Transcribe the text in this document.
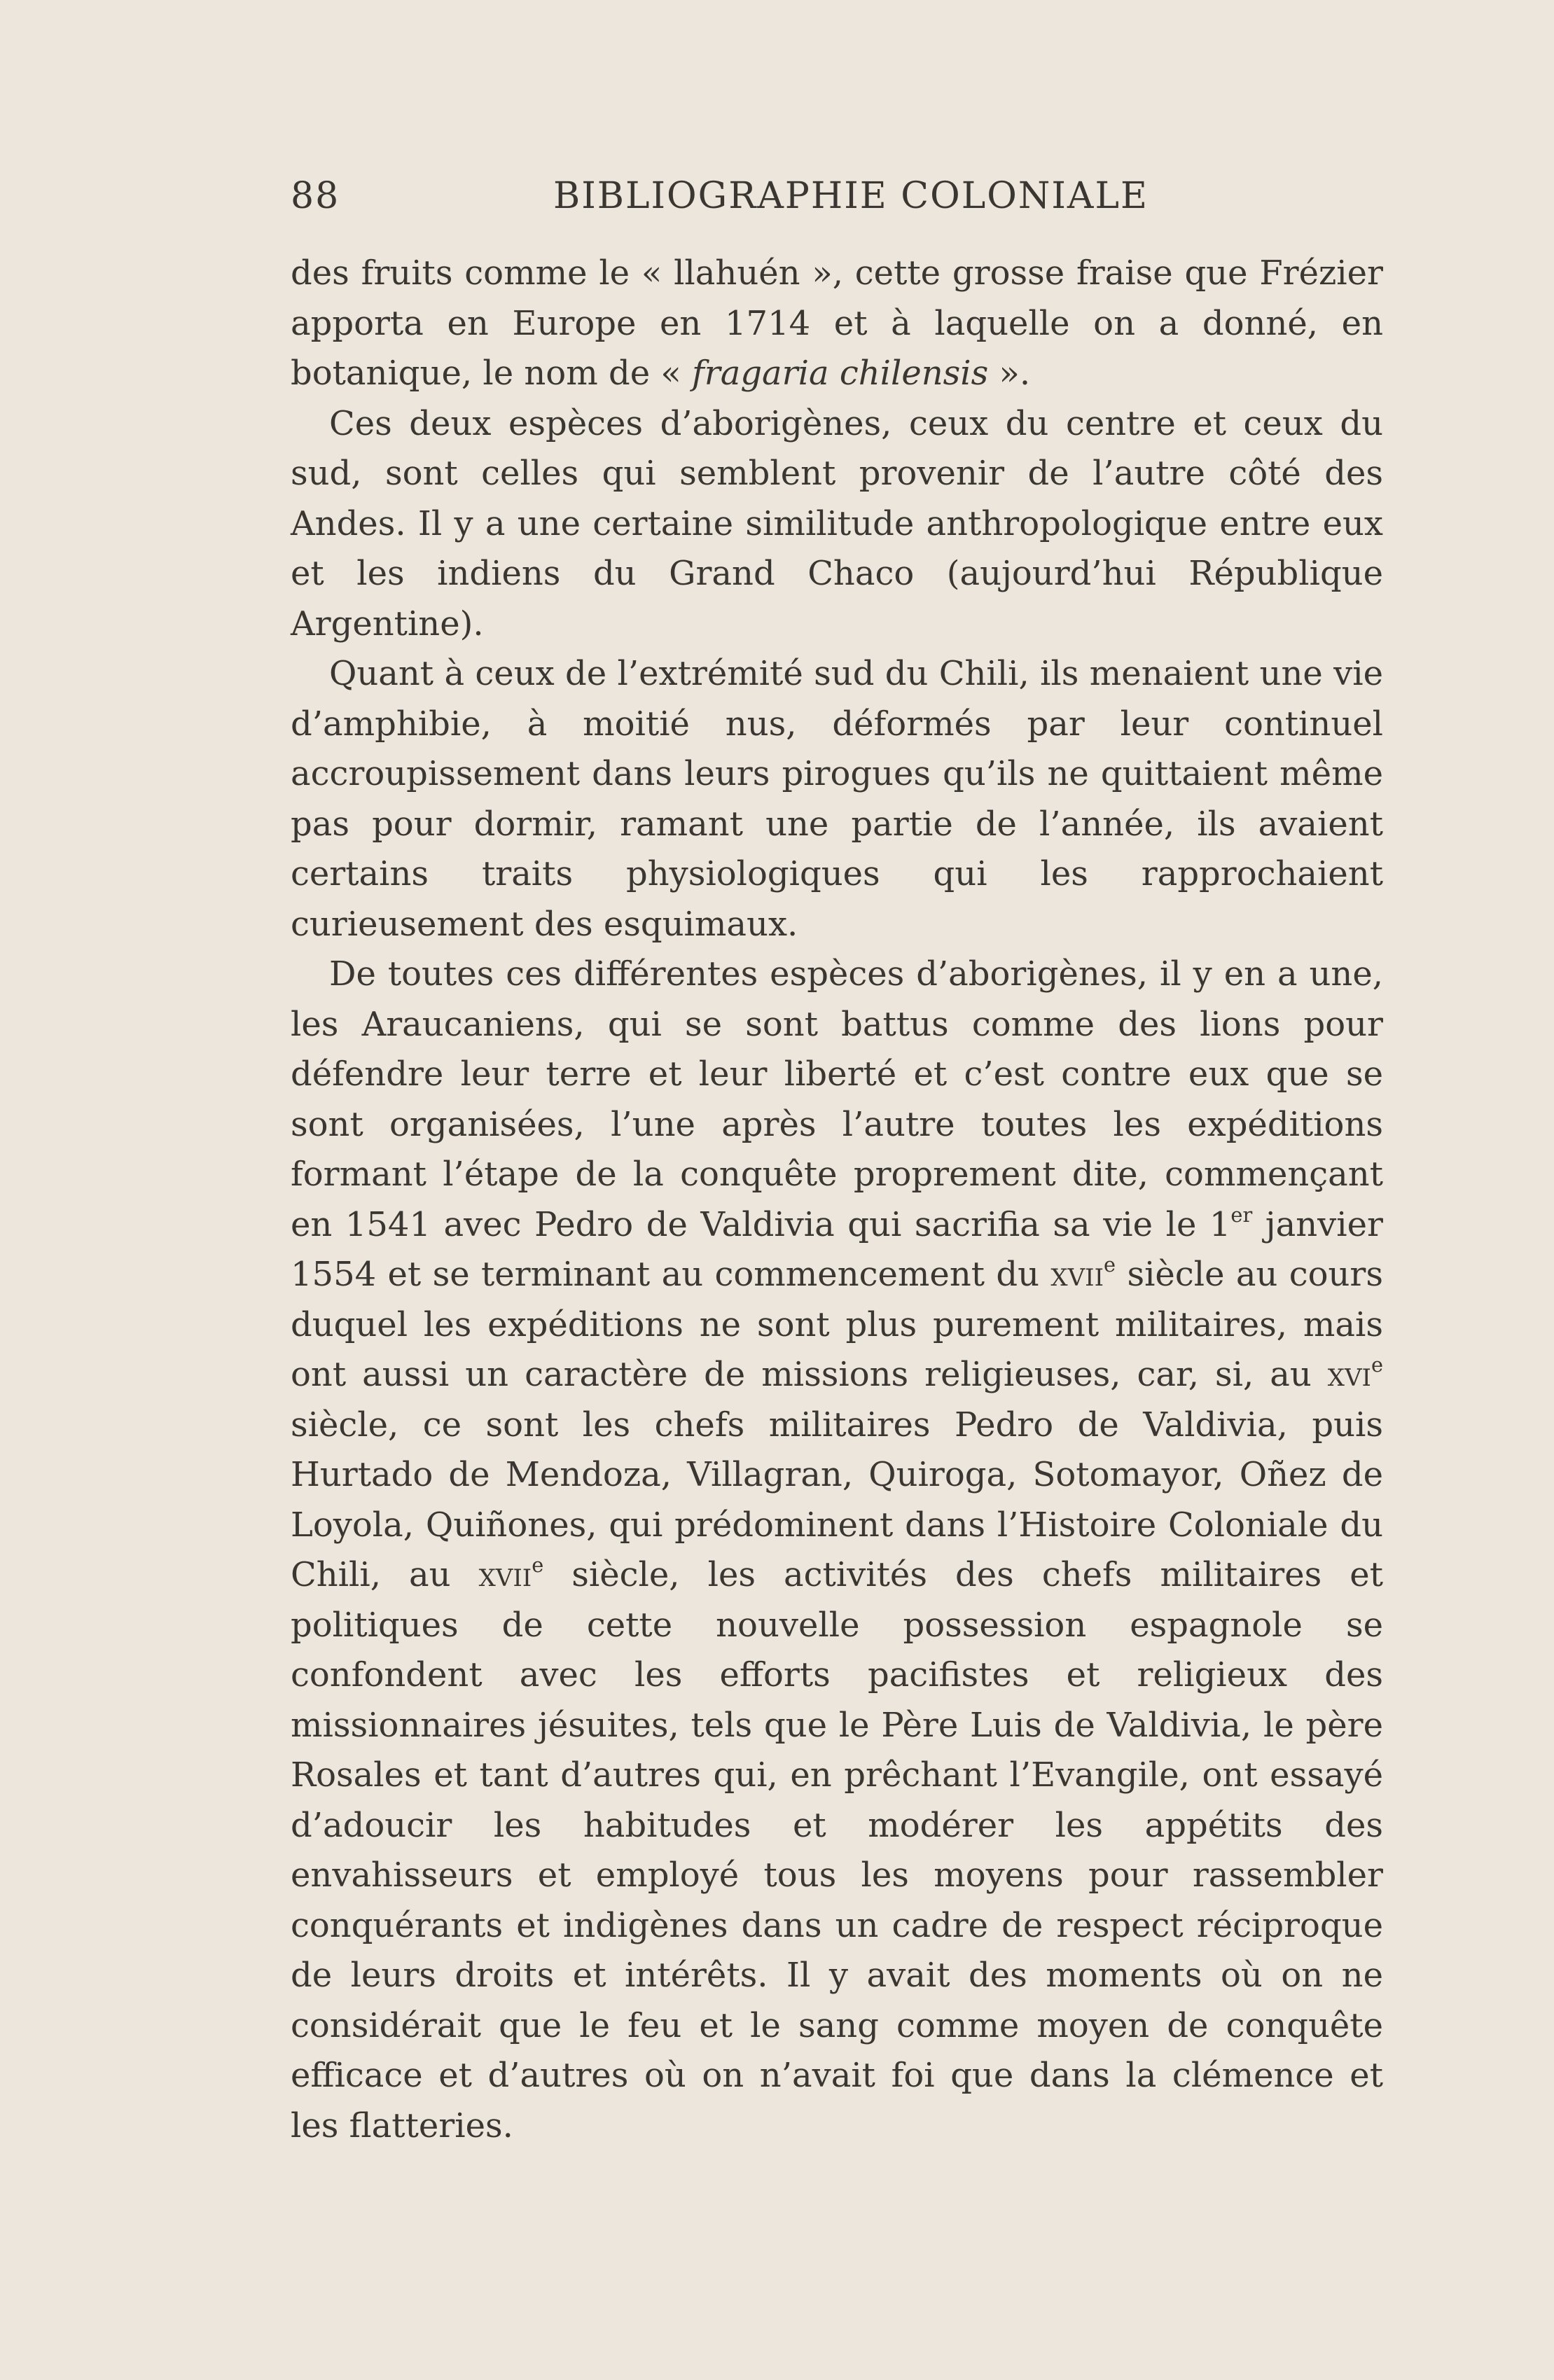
88	BIBLIOGRAPHIE COLONIALE

des fruits comme le « llahuén », cette grosse fraise que Frézier apporta en Europe en 1714 et à laquelle on a donné, en botanique, le nom de « fragaria chilensis ».

Ces deux espèces d’aborigènes, ceux du centre et ceux du sud, sont celles qui semblent provenir de l’autre côté des Andes. Il y a une certaine similitude anthropologique entre eux et les indiens du Grand Chaco (aujourd’hui République Argentine).

Quant à ceux de l’extrémité sud du Chili, ils menaient une vie d’amphibie, à moitié nus, déformés par leur continuel accroupissement dans leurs pirogues qu’ils ne quittaient même pas pour dormir, ramant une partie de l’année, ils avaient certains traits physiologiques qui les rapprochaient curieusement des esquimaux.

De toutes ces différentes espèces d’aborigènes, il y en a une, les Araucaniens, qui se sont battus comme des lions pour défendre leur terre et leur liberté et c’est contre eux que se sont organisées, l’une après l’autre toutes les expéditions formant l’étape de la conquête proprement dite, commençant en 1541 avec Pedro de Valdivia qui sacrifia sa vie le 1er janvier 1554 et se terminant au commencement du xvii$^e$ siècle au cours duquel les expéditions ne sont plus purement militaires, mais ont aussi un caractère de missions religieuses, car, si, au xvi$^e$ siècle, ce sont les chefs militaires Pedro de Valdivia, puis Hurtado de Mendoza, Villagran, Quiroga, Sotomayor, Oñez de Loyola, Quiñones, qui prédominent dans l’Histoire Coloniale du Chili, au xvii$^e$ siècle, les activités des chefs militaires et politiques de cette nouvelle possession espagnole se confondent avec les efforts pacifistes et religieux des missionnaires jésuites, tels que le Père Luis de Valdivia, le père Rosales et tant d’autres qui, en prêchant l’Evangile, ont essayé d’adoucir les habitudes et modérer les appétits des envahisseurs et employé tous les moyens pour rassembler conquérants et indigènes dans un cadre de respect réciproque de leurs droits et intérêts. Il y avait des moments où on ne considérait que le feu et le sang comme moyen de conquête efficace et d’autres où on n’avait foi que dans la clémence et les flatteries.
